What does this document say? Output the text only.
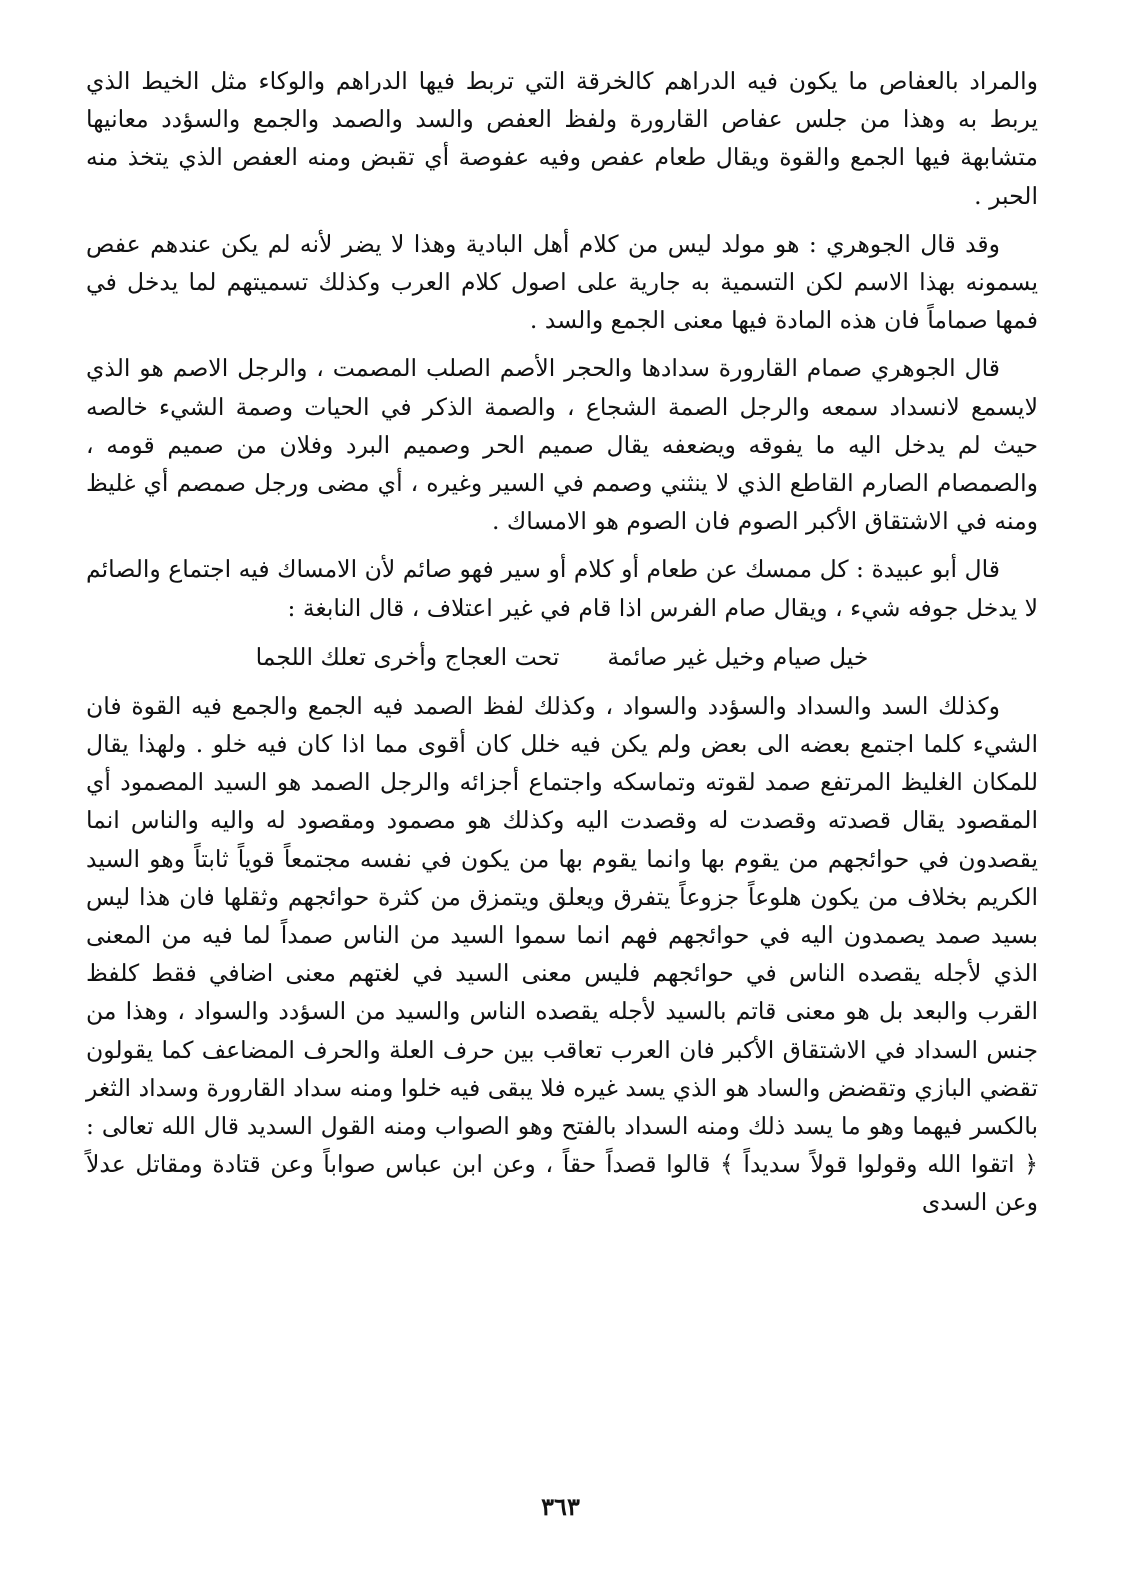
والمراد بالعفاص ما يكون فيه الدراهم كالخرقة التي تربط فيها الدراهم والوكاء مثل الخيط الذي يربط به وهذا من جلس عفاص القارورة ولفظ العفص والسد والصمد والجمع والسؤدد معانيها متشابهة فيها الجمع والقوة ويقال طعام عفص وفيه عفوصة أي تقبض ومنه العفص الذي يتخذ منه الحبر .

وقد قال الجوهري : هو مولد ليس من كلام أهل البادية وهذا لا يضر لأنه لم يكن عندهم عفص يسمونه بهذا الاسم لكن التسمية به جارية على اصول كلام العرب وكذلك تسميتهم لما يدخل في فمها صماماً فان هذه المادة فيها معنى الجمع والسد .

قال الجوهري صمام القارورة سدادها والحجر الأصم الصلب المصمت ، والرجل الاصم هو الذي لايسمع لانسداد سمعه والرجل الصمة الشجاع ، والصمة الذكر في الحيات وصمة الشيء خالصه حيث لم يدخل اليه ما يفوقه ويضعفه يقال صميم الحر وصميم البرد وفلان من صميم قومه ، والصمصام الصارم القاطع الذي لا ينثني وصمم في السير وغيره ، أي مضى ورجل صمصم أي غليظ ومنه في الاشتقاق الأكبر الصوم فان الصوم هو الامساك .

قال أبو عبيدة : كل ممسك عن طعام أو كلام أو سير فهو صائم لأن الامساك فيه اجتماع والصائم لا يدخل جوفه شيء ، ويقال صام الفرس اذا قام في غير اعتلاف ، قال النابغة :

خيل صيام وخيل غير صائمة
تحت العجاج وأخرى تعلك اللجما

وكذلك السد والسداد والسؤدد والسواد ، وكذلك لفظ الصمد فيه الجمع والجمع فيه القوة فان الشيء كلما اجتمع بعضه الى بعض ولم يكن فيه خلل كان أقوى مما اذا كان فيه خلو . ولهذا يقال للمكان الغليظ المرتفع صمد لقوته وتماسكه واجتماع أجزائه والرجل الصمد هو السيد المصمود أي المقصود يقال قصدته وقصدت له وقصدت اليه وكذلك هو مصمود ومقصود له واليه والناس انما يقصدون في حوائجهم من يقوم بها وانما يقوم بها من يكون في نفسه مجتمعاً قوياً ثابتاً وهو السيد الكريم بخلاف من يكون هلوعاً جزوعاً يتفرق ويعلق ويتمزق من كثرة حوائجهم وثقلها فان هذا ليس بسيد صمد يصمدون اليه في حوائجهم فهم انما سموا السيد من الناس صمداً لما فيه من المعنى الذي لأجله يقصده الناس في حوائجهم فليس معنى السيد في لغتهم معنى اضافي فقط كلفظ القرب والبعد بل هو معنى قاتم بالسيد لأجله يقصده الناس والسيد من السؤدد والسواد ، وهذا من جنس السداد في الاشتقاق الأكبر فان العرب تعاقب بين حرف العلة والحرف المضاعف كما يقولون تقضي البازي وتقضض والساد هو الذي يسد غيره فلا يبقى فيه خلوا ومنه سداد القارورة وسداد الثغر بالكسر فيهما وهو ما يسد ذلك ومنه السداد بالفتح وهو الصواب ومنه القول السديد قال الله تعالى : ﴿ اتقوا الله وقولوا قولاً سديداً ﴾ قالوا قصداً حقاً ، وعن ابن عباس صواباً وعن قتادة ومقاتل عدلاً وعن السدى

٣٦٣
